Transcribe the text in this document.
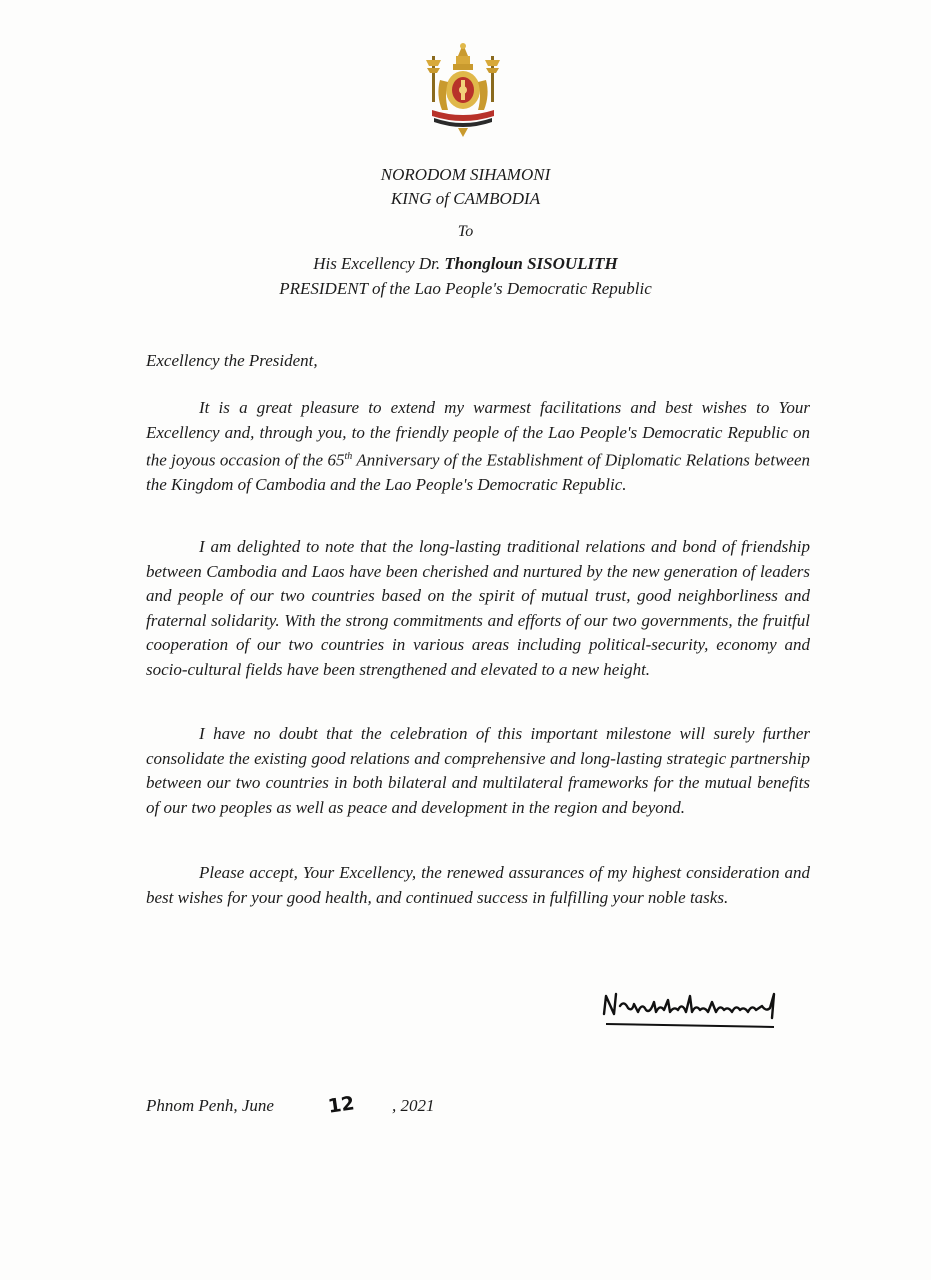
NORODOM SIHAMONI
KING of CAMBODIA
To
His Excellency Dr. Thongloun SISOULITH
PRESIDENT of the Lao People's Democratic Republic
Excellency the President,

It is a great pleasure to extend my warmest facilitations and best wishes to Your Excellency and, through you, to the friendly people of the Lao People's Democratic Republic on the joyous occasion of the 65th Anniversary of the Establishment of Diplomatic Relations between the Kingdom of Cambodia and the Lao People's Democratic Republic.

I am delighted to note that the long-lasting traditional relations and bond of friendship between Cambodia and Laos have been cherished and nurtured by the new generation of leaders and people of our two countries based on the spirit of mutual trust, good neighborliness and fraternal solidarity. With the strong commitments and efforts of our two governments, the fruitful cooperation of our two countries in various areas including political-security, economy and socio-cultural fields have been strengthened and elevated to a new height.

I have no doubt that the celebration of this important milestone will surely further consolidate the existing good relations and comprehensive and long-lasting strategic partnership between our two countries in both bilateral and multilateral frameworks for the mutual benefits of our two peoples as well as peace and development in the region and beyond.

Please accept, Your Excellency, the renewed assurances of my highest consideration and best wishes for your good health, and continued success in fulfilling your noble tasks.

Phnom Penh, June	12 , 2021
